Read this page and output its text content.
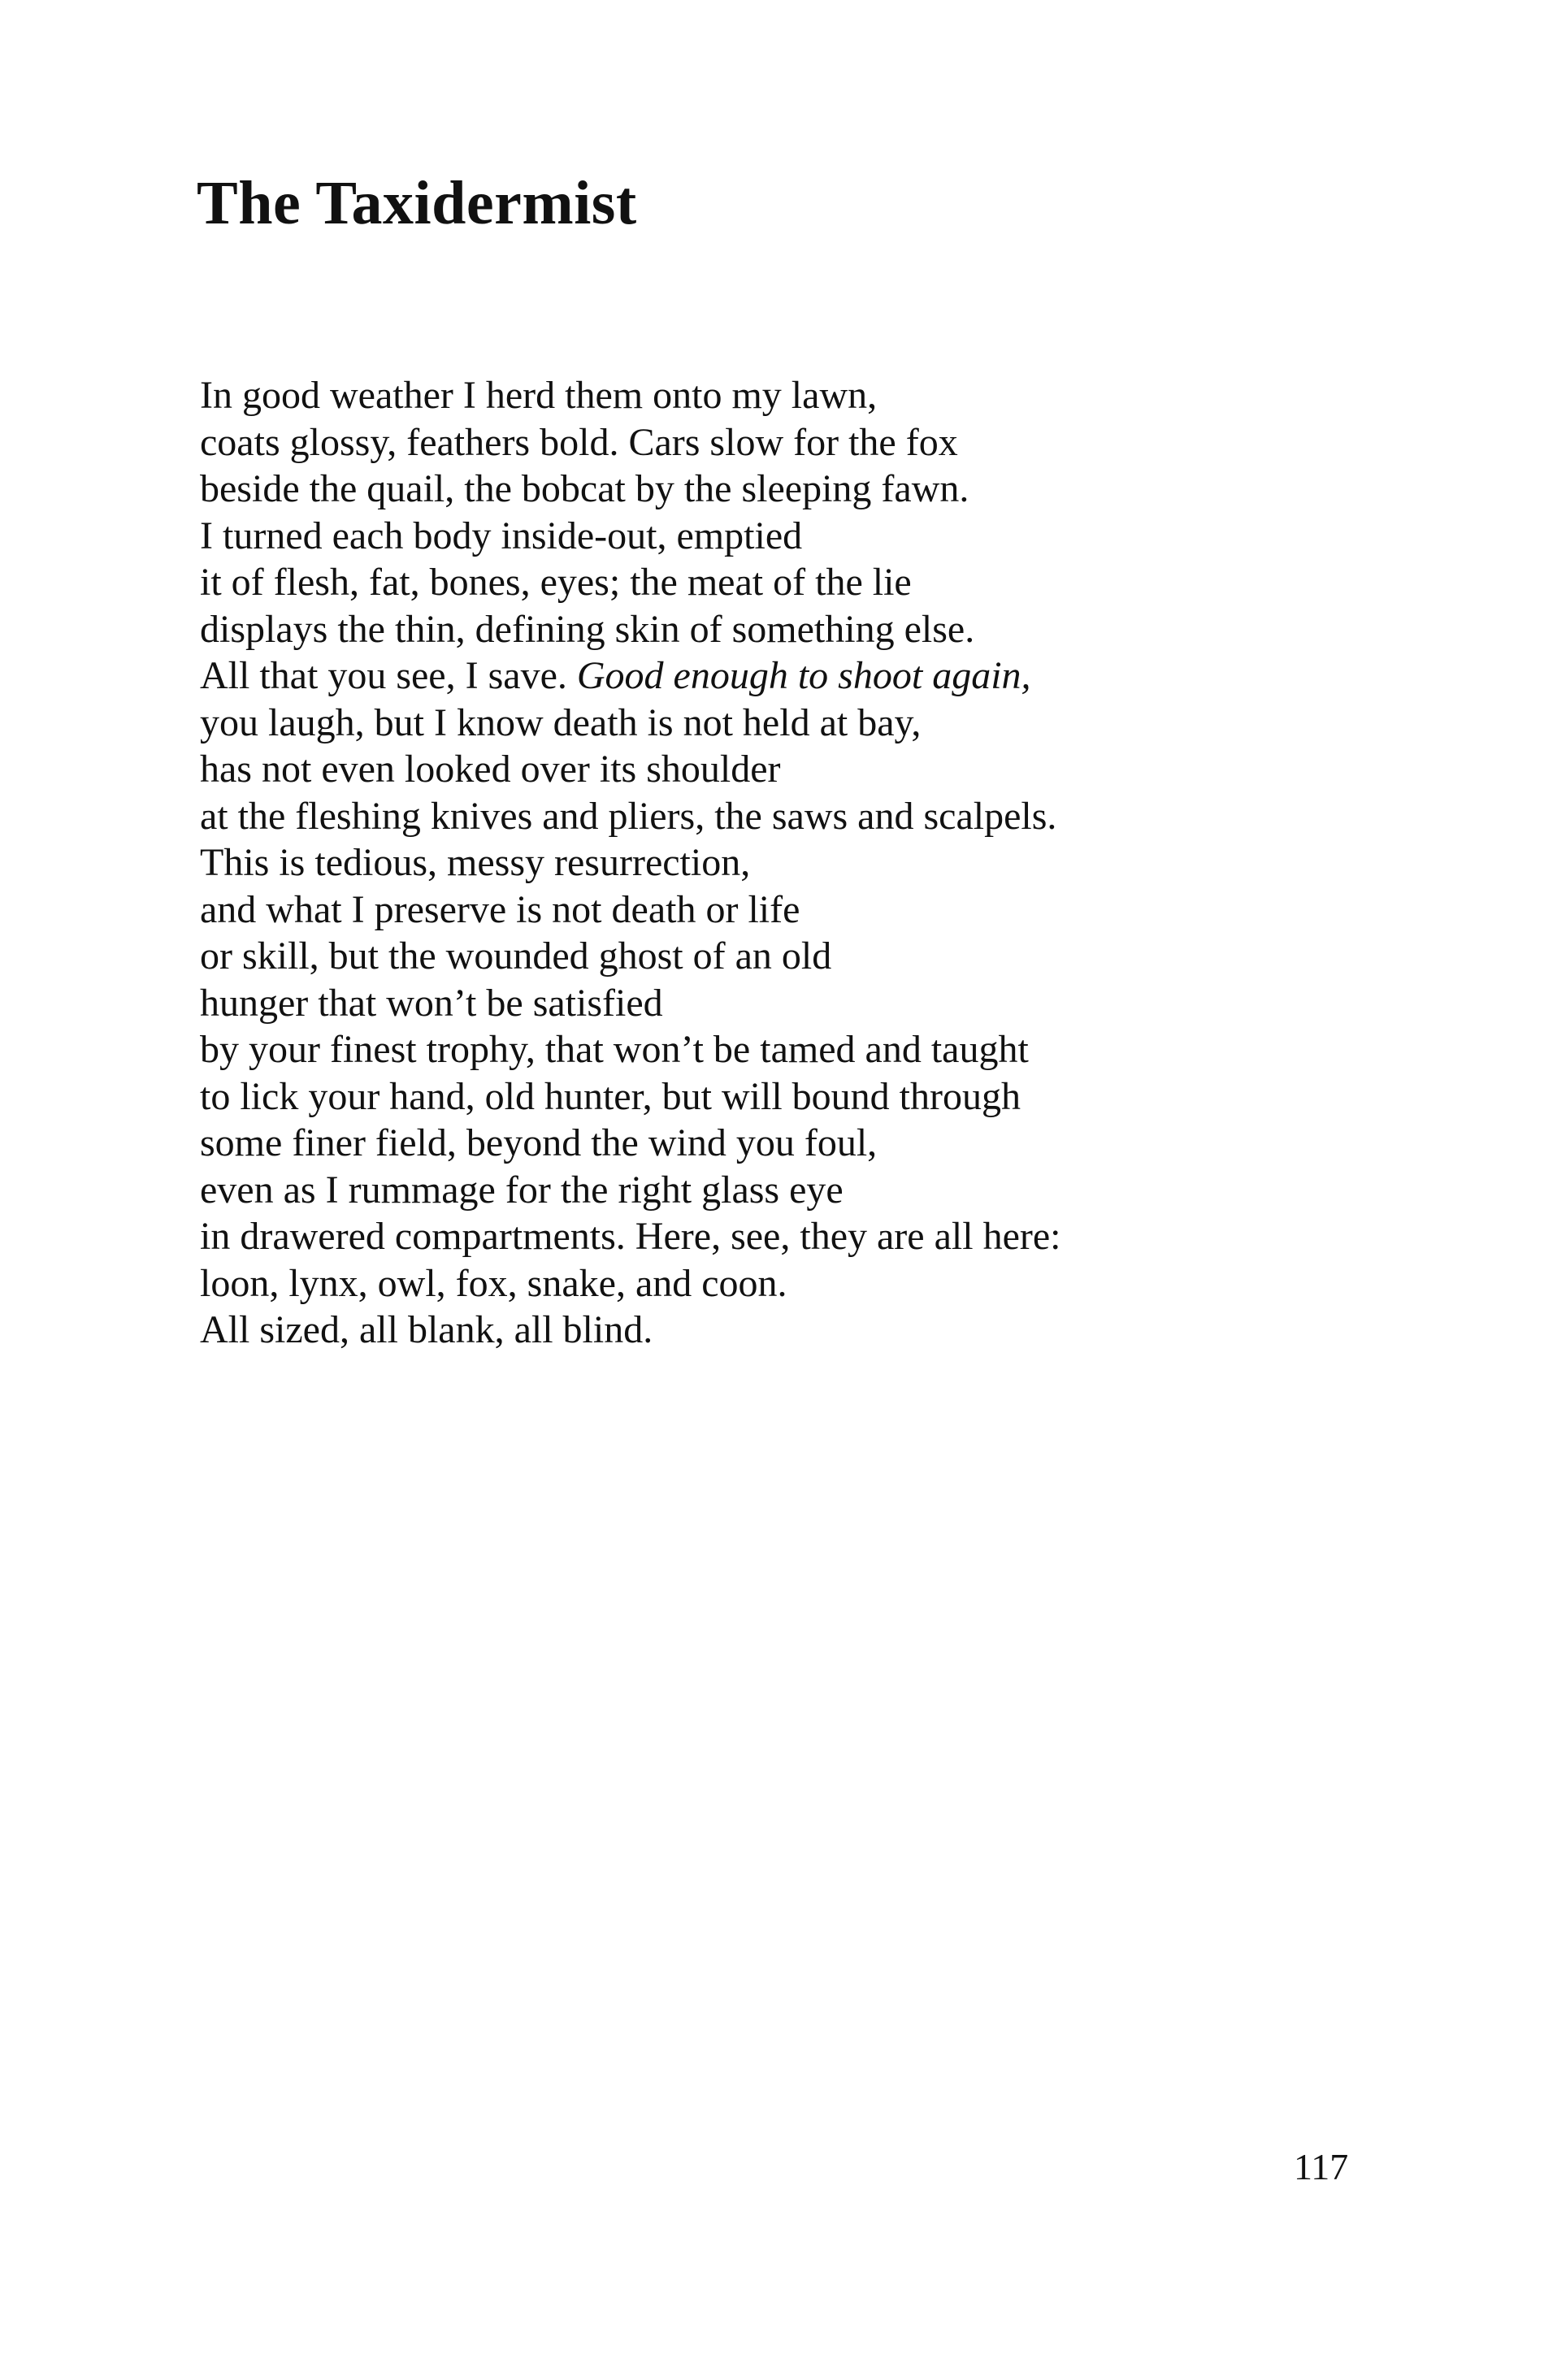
The Taxidermist
In good weather I herd them onto my lawn,
coats glossy, feathers bold. Cars slow for the fox
beside the quail, the bobcat by the sleeping fawn.
I turned each body inside-out, emptied
it of flesh, fat, bones, eyes; the meat of the lie
displays the thin, defining skin of something else.
All that you see, I save. Good enough to shoot again,
you laugh, but I know death is not held at bay,
has not even looked over its shoulder
at the fleshing knives and pliers, the saws and scalpels.
This is tedious, messy resurrection,
and what I preserve is not death or life
or skill, but the wounded ghost of an old
hunger that won’t be satisfied
by your finest trophy, that won’t be tamed and taught
to lick your hand, old hunter, but will bound through
some finer field, beyond the wind you foul,
even as I rummage for the right glass eye
in drawered compartments. Here, see, they are all here:
loon, lynx, owl, fox, snake, and coon.
All sized, all blank, all blind.
117
